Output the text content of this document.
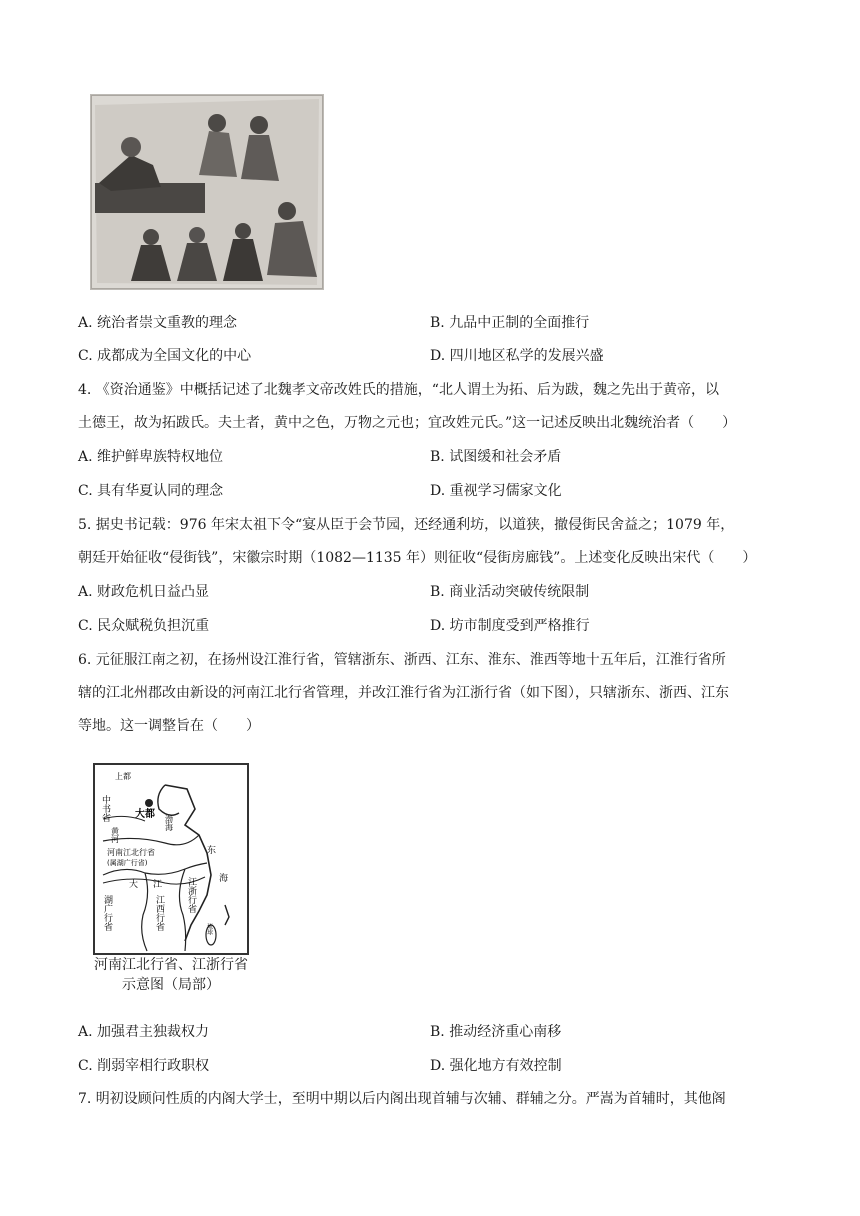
A. 统治者崇文重教的理念	B. 九品中正制的全面推行
C. 成都成为全国文化的中心	D. 四川地区私学的发展兴盛
4. 《资治通鉴》中概括记述了北魏孝文帝改姓氏的措施，“北人谓土为拓、后为跋，魏之先出于黄帝，以
土德王，故为拓跋氏。夫土者，黄中之色，万物之元也；宜改姓元氏。”这一记述反映出北魏统治者（　　）
A. 维护鲜卑族特权地位	B. 试图缓和社会矛盾
C. 具有华夏认同的理念	D. 重视学习儒家文化
5. 据史书记载：976 年宋太祖下令“宴从臣于会节园，还经通利坊，以道狭，撤侵街民舍益之；1079 年，
朝廷开始征收“侵街钱”，宋徽宗时期（1082—1135 年）则征收“侵街房廊钱”。上述变化反映出宋代（　　）
A. 财政危机日益凸显	B. 商业活动突破传统限制
C. 民众赋税负担沉重	D. 坊市制度受到严格推行
6. 元征服江南之初，在扬州设江淮行省，管辖浙东、浙西、江东、淮东、淮西等地十五年后，江淮行省所
辖的江北州郡改由新设的河南江北行省管理，并改江淮行省为江浙行省（如下图），只辖浙东、浙西、江东
等地。这一调整旨在（　　）
上都
中书省
黄河
大都
渤海
河南江北行省
(属湖广行省)
东
海
大 江	江浙行省
江西行省
湖广行省	琉球
河南江北行省、江浙行省
示意图（局部）
A. 加强君主独裁权力	B. 推动经济重心南移
C. 削弱宰相行政职权	D. 强化地方有效控制
7. 明初设顾问性质的内阁大学士，至明中期以后内阁出现首辅与次辅、群辅之分。严嵩为首辅时，其他阁
